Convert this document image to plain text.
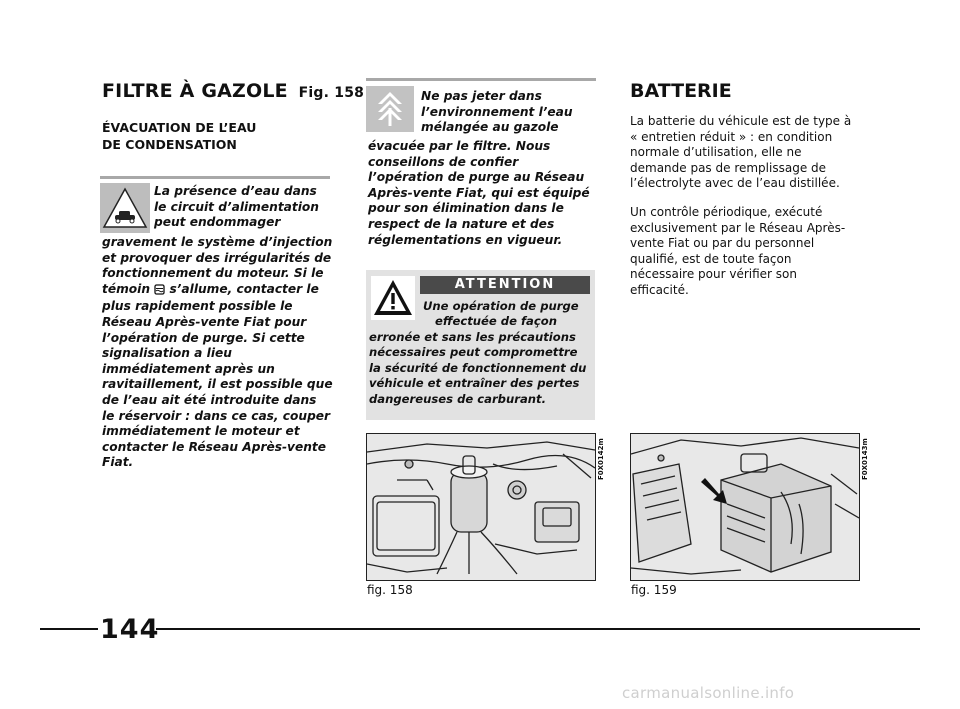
FILTRE À GAZOLE Fig. 158
ÉVACUATION DE L’EAU
DE CONDENSATION
La présence d’eau dans
le circuit d’alimentation
peut endommager
gravement le système d’injection
et provoquer des irrégularités de
fonctionnement du moteur. Si le
témoin s’allume, contacter le
plus rapidement possible le
Réseau Après-vente Fiat pour
l’opération de purge. Si cette
signalisation a lieu
immédiatement après un
ravitaillement, il est possible que
de l’eau ait été introduite dans
le réservoir : dans ce cas, couper
immédiatement le moteur et
contacter le Réseau Après-vente
Fiat.
Ne pas jeter dans
l’environnement l’eau
mélangée au gazole
évacuée par le filtre. Nous
conseillons de confier
l’opération de purge au Réseau
Après-vente Fiat, qui est équipé
pour son élimination dans le
respect de la nature et des
réglementations en vigueur.
ATTENTION
Une opération de purge
effectuée de façon
erronée et sans les précautions
nécessaires peut compromettre
la sécurité de fonctionnement du
véhicule et entraîner des pertes
dangereuses de carburant.
BATTERIE
La batterie du véhicule est de type à
« entretien réduit » : en condition
normale d’utilisation, elle ne
demande pas de remplissage de
l’électrolyte avec de l’eau distillée.
Un contrôle périodique, exécuté
exclusivement par le Réseau Après-
vente Fiat ou par du personnel
qualifié, est de toute façon
nécessaire pour vérifier son
efficacité.
F0X0142m
fig. 158
F0X0143m
fig. 159
144
carmanualsonline.info
